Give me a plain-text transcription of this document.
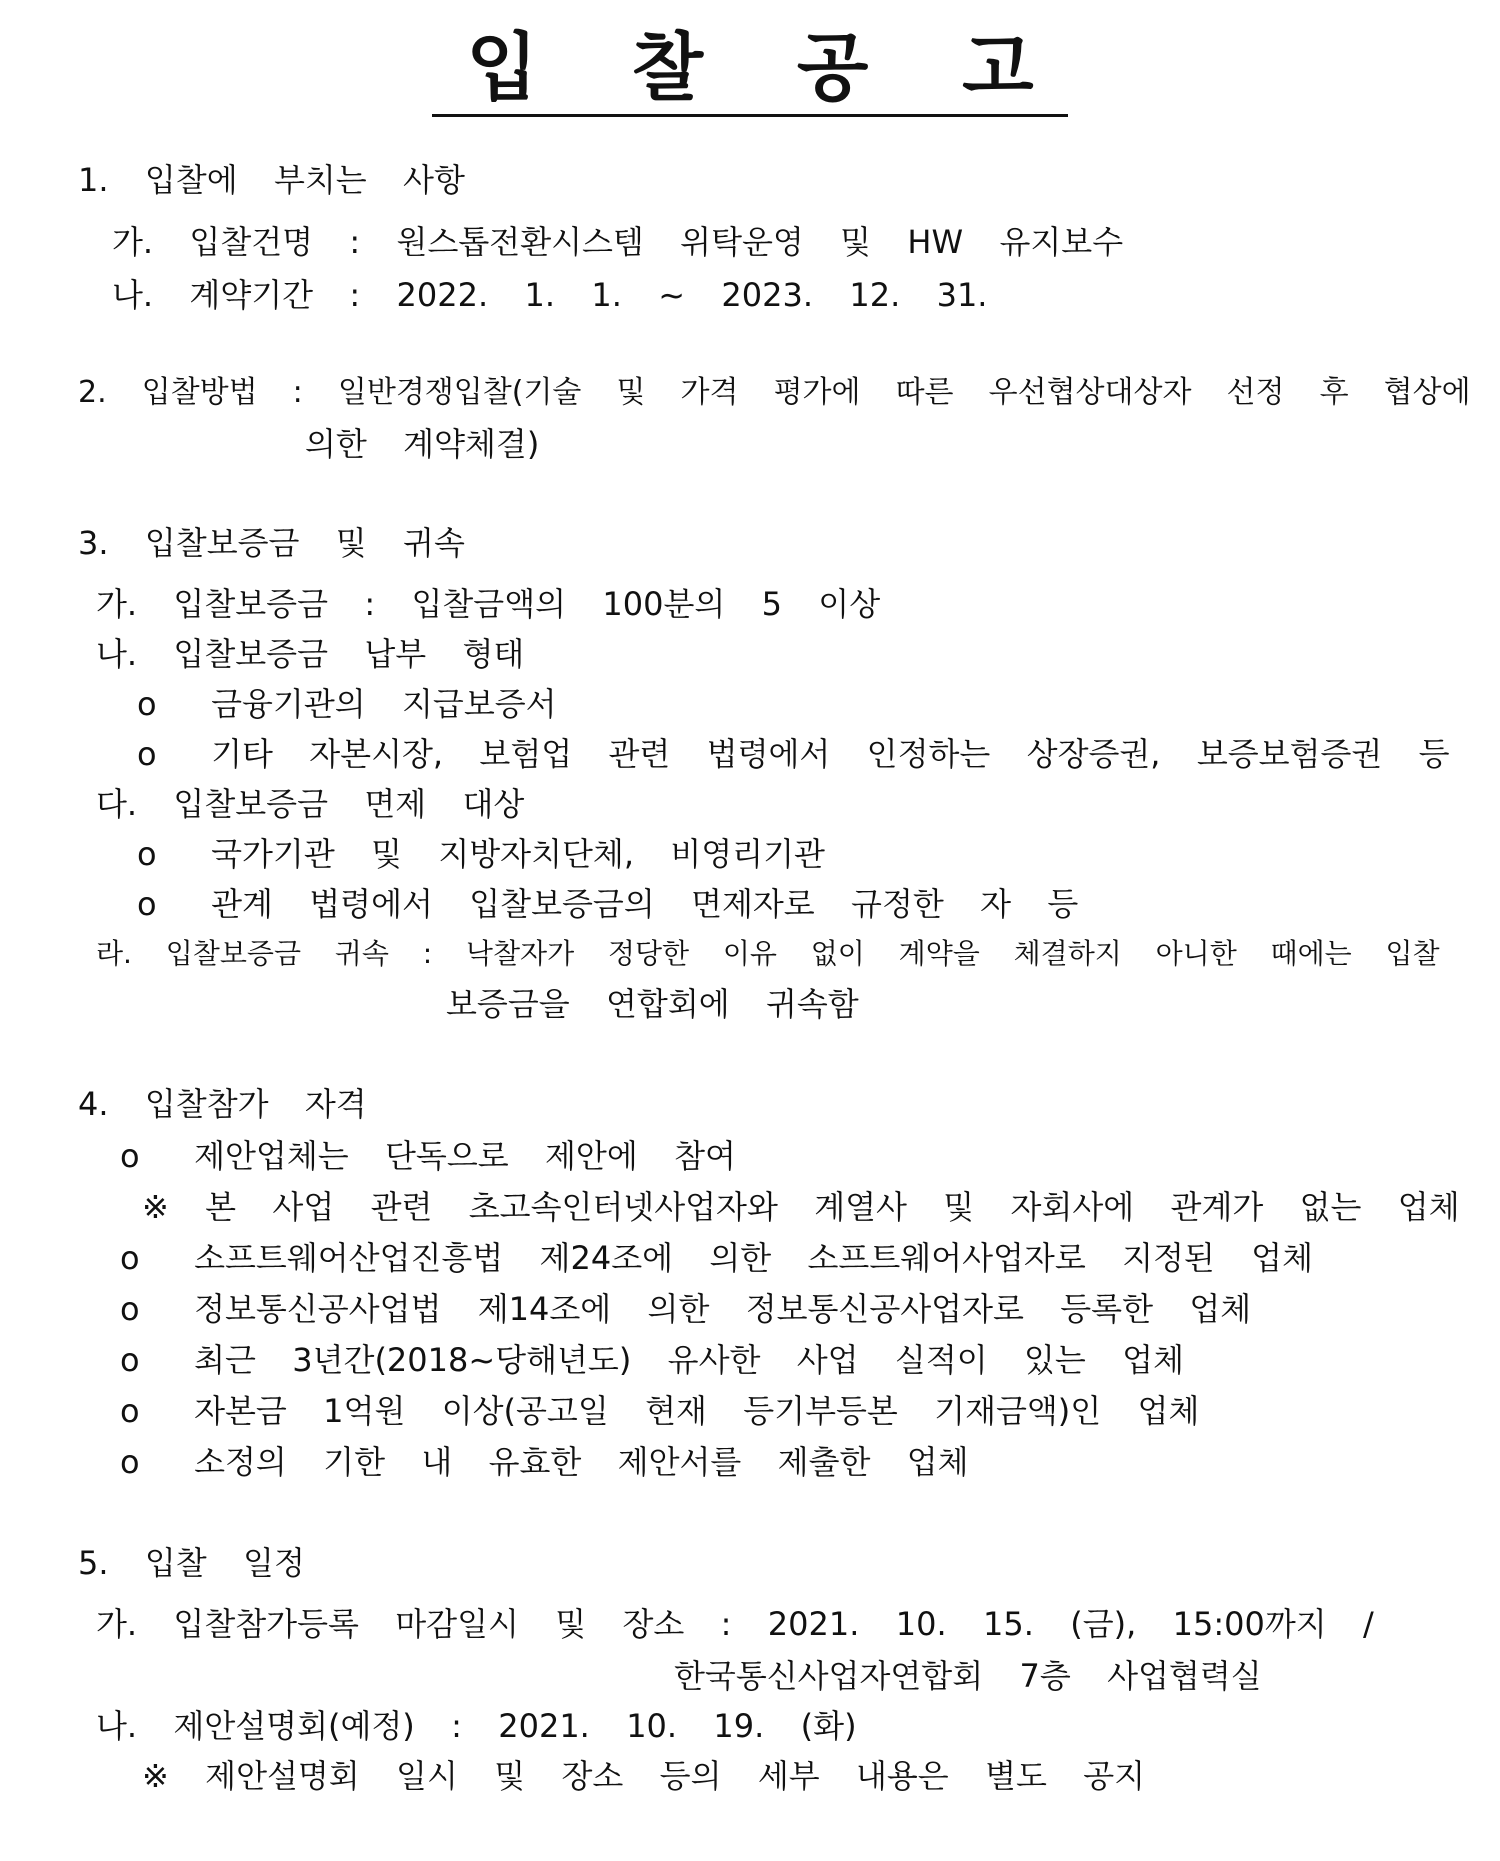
입 찰 공 고
1.  입찰에  부치는  사항
가.  입찰건명  :  원스톱전환시스템  위탁운영  및  HW  유지보수
나.  계약기간  :  2022.  1.  1.  ~  2023.  12.  31.
2.  입찰방법  :  일반경쟁입찰(기술  및  가격  평가에  따른  우선협상대상자  선정  후  협상에
의한  계약체결)
3.  입찰보증금  및  귀속
가.  입찰보증금  :  입찰금액의  100분의  5  이상
나.  입찰보증금  납부  형태
o   금융기관의  지급보증서
o   기타  자본시장,  보험업  관련  법령에서  인정하는  상장증권,  보증보험증권  등
다.  입찰보증금  면제  대상
o   국가기관  및  지방자치단체,  비영리기관
o   관계  법령에서  입찰보증금의  면제자로  규정한  자  등
라.  입찰보증금  귀속  :  낙찰자가  정당한  이유  없이  계약을  체결하지  아니한  때에는  입찰
보증금을  연합회에  귀속함
4.  입찰참가  자격
o   제안업체는  단독으로  제안에  참여
※  본  사업  관련  초고속인터넷사업자와  계열사  및  자회사에  관계가  없는  업체
o   소프트웨어산업진흥법  제24조에  의한  소프트웨어사업자로  지정된  업체
o   정보통신공사업법  제14조에  의한  정보통신공사업자로  등록한  업체
o   최근  3년간(2018~당해년도)  유사한  사업  실적이  있는  업체
o   자본금  1억원  이상(공고일  현재  등기부등본  기재금액)인  업체
o   소정의  기한  내  유효한  제안서를  제출한  업체
5.  입찰  일정
가.  입찰참가등록  마감일시  및  장소  :  2021.  10.  15.  (금),  15:00까지  /
한국통신사업자연합회  7층  사업협력실
나.  제안설명회(예정)  :  2021.  10.  19.  (화)
※  제안설명회  일시  및  장소  등의  세부  내용은  별도  공지
